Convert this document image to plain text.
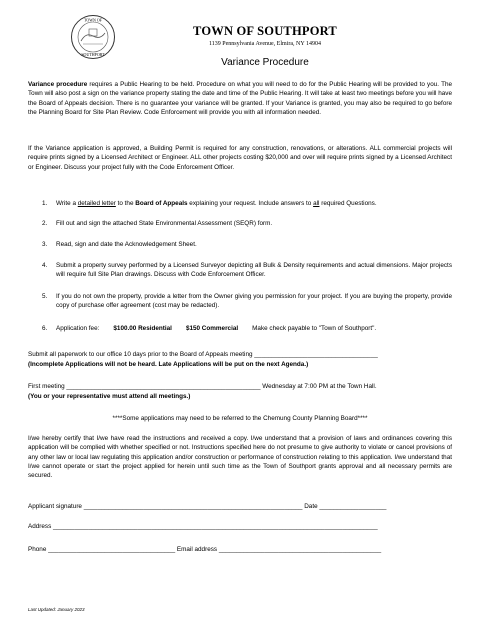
TOWN OF
SOUTHPORT
TOWN OF SOUTHPORT
1139 Pennsylvania Avenue, Elmira, NY 14904
Variance Procedure
Variance procedure requires a Public Hearing to be held. Procedure on what you will need to do for the Public Hearing will be provided to you. The Town will also post a sign on the variance property stating the date and time of the Public Hearing. It will take at least two meetings before you will have the Board of Appeals decision. There is no guarantee your variance will be granted. If your Variance is granted, you may also be required to go before the Planning Board for Site Plan Review. Code Enforcement will provide you with all information needed.
If the Variance application is approved, a Building Permit is required for any construction, renovations, or alterations. ALL commercial projects will require prints signed by a Licensed Architect or Engineer. ALL other projects costing $20,000 and over will require prints signed by a Licensed Architect or Engineer. Discuss your project fully with the Code Enforcement Officer.
1.	Write a detailed letter to the Board of Appeals explaining your request. Include answers to all required Questions.
2.	Fill out and sign the attached State Environmental Assessment (SEQR) form.
3.	Read, sign and date the Acknowledgement Sheet.
4.	Submit a property survey performed by a Licensed Surveyor depicting all Bulk & Density requirements and actual dimensions. Major projects will require full Site Plan drawings. Discuss with Code Enforcement Officer.
5.	If you do not own the property, provide a letter from the Owner giving you permission for your project. If you are buying the property, provide copy of purchase offer agreement (cost may be redacted).
6.	Application fee: $100.00 Residential $150 Commercial Make check payable to "Town of Southport".
Submit all paperwork to our office 10 days prior to the Board of Appeals meeting ___________________________________
(Incomplete Applications will not be heard. Late Applications will be put on the next Agenda.)
First meeting _______________________________________________________ Wednesday at 7:00 PM at the Town Hall.
(You or your representative must attend all meetings.)
****Some applications may need to be referred to the Chemung County Planning Board****
I/we hereby certify that I/we have read the instructions and received a copy. I/we understand that a provision of laws and ordinances covering this application will be complied with whether specified or not. Instructions specified here do not presume to give authority to violate or cancel provisions of any other law or local law regulating this application and/or construction or performance of construction relating to this application. I/we understand that I/we cannot operate or start the project applied for herein until such time as the Town of Southport grants approval and all necessary permits are secured.
Applicant signature ______________________________________________________________ Date ___________________
Address ____________________________________________________________________________________________
Phone ____________________________________ Email address ______________________________________________
Last Updated: January 2023
